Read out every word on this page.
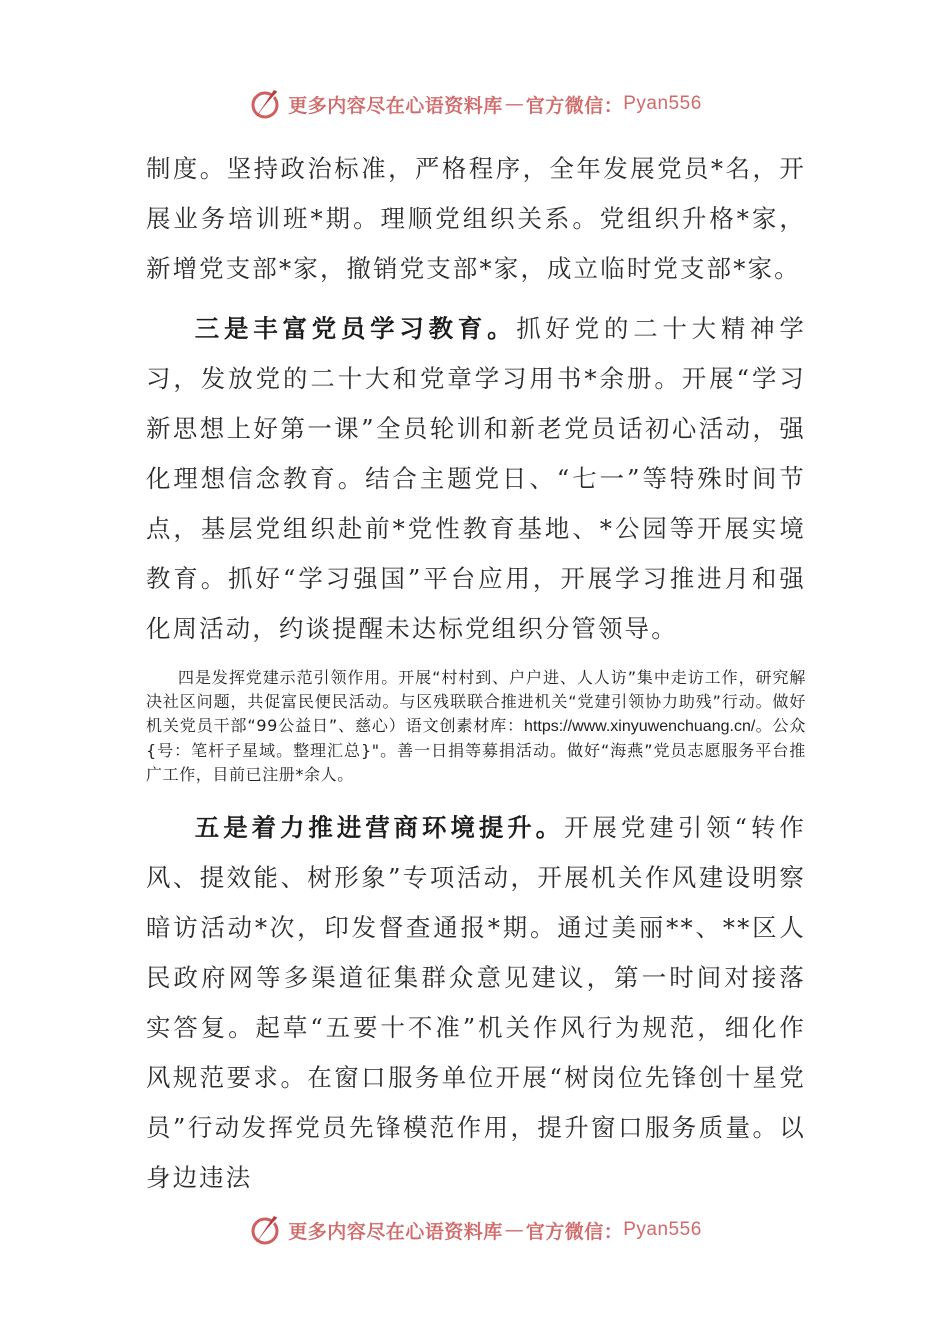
更多内容尽在心语资料库 — 官方微信： Pyan556

制度。坚持政治标准，严格程序，全年发展党员*名，开展业务培训班*期。理顺党组织关系。党组织升格*家，新增党支部*家，撤销党支部*家，成立临时党支部*家。

三是丰富党员学习教育。抓好党的二十大精神学习，发放党的二十大和党章学习用书*余册。开展“学习新思想上好第一课”全员轮训和新老党员话初心活动，强化理想信念教育。结合主题党日、“七一”等特殊时间节点，基层党组织赴前*党性教育基地、*公园等开展实境教育。抓好“学习强国”平台应用，开展学习推进月和强化周活动，约谈提醒未达标党组织分管领导。

四是发挥党建示范引领作用。开展“村村到、户户进、人人访”集中走访工作，研究解决社区问题，共促富民便民活动。与区残联联合推进机关“党建引领协力助残”行动。做好机关党员干部“99公益日”、慈心）语文创素材库：https://www.xinyuwenchuang.cn/。公众{号：笔杆子星域。整理汇总}"。善一日捐等募捐活动。做好“海燕”党员志愿服务平台推广工作，目前已注册*余人。

五是着力推进营商环境提升。开展党建引领“转作风、提效能、树形象”专项活动，开展机关作风建设明察暗访活动*次，印发督查通报*期。通过美丽**、**区人民政府网等多渠道征集群众意见建议，第一时间对接落实答复。起草“五要十不准”机关作风行为规范，细化作风规范要求。在窗口服务单位开展“树岗位先锋创十星党员”行动发挥党员先锋模范作用，提升窗口服务质量。以身边违法

更多内容尽在心语资料库 — 官方微信： Pyan556
